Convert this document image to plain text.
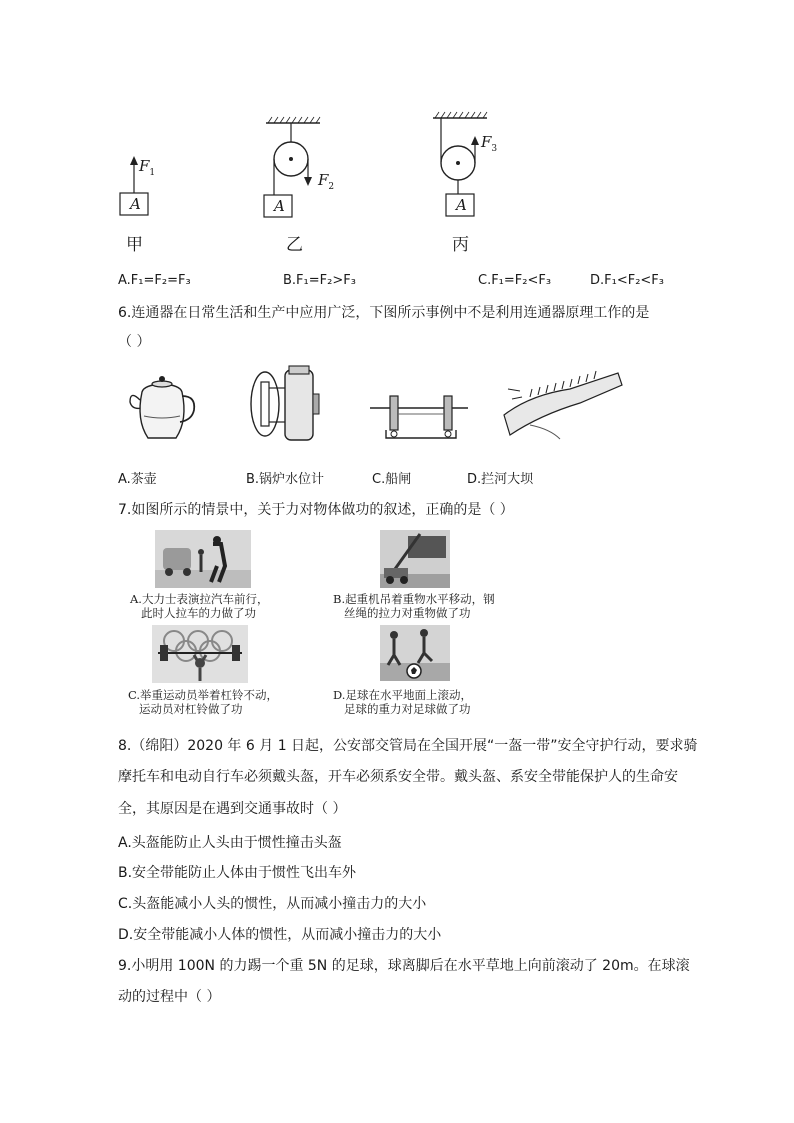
A	A	A
$F_1$	$F_2$
$F_3$
甲	乙	丙
A.F₁=F₂=F₃	B.F₁=F₂>F₃	C.F₁=F₂<F₃	D.F₁<F₂<F₃
6.连通器在日常生活和生产中应用广泛，下图所示事例中不是利用连通器原理工作的是
（ ）
A.茶壶	B.锅炉水位计	C.船闸	D.拦河大坝
7.如图所示的情景中，关于力对物体做功的叙述，正确的是（ ）
A.大力士表演拉汽车前行，
此时人拉车的力做了功
B.起重机吊着重物水平移动，钢
丝绳的拉力对重物做了功
C.举重运动员举着杠铃不动，
运动员对杠铃做了功
D.足球在水平地面上滚动，
足球的重力对足球做了功
8.（绵阳）2020 年 6 月 1 日起，公安部交管局在全国开展“一盔一带”安全守护行动，要求骑
摩托车和电动自行车必须戴头盔，开车必须系安全带。戴头盔、系安全带能保护人的生命安
全，其原因是在遇到交通事故时（ ）
A.头盔能防止人头由于惯性撞击头盔
B.安全带能防止人体由于惯性飞出车外
C.头盔能减小人头的惯性，从而减小撞击力的大小
D.安全带能减小人体的惯性，从而减小撞击力的大小
9.小明用 100N 的力踢一个重 5N 的足球，球离脚后在水平草地上向前滚动了 20m。在球滚
动的过程中（ ）
